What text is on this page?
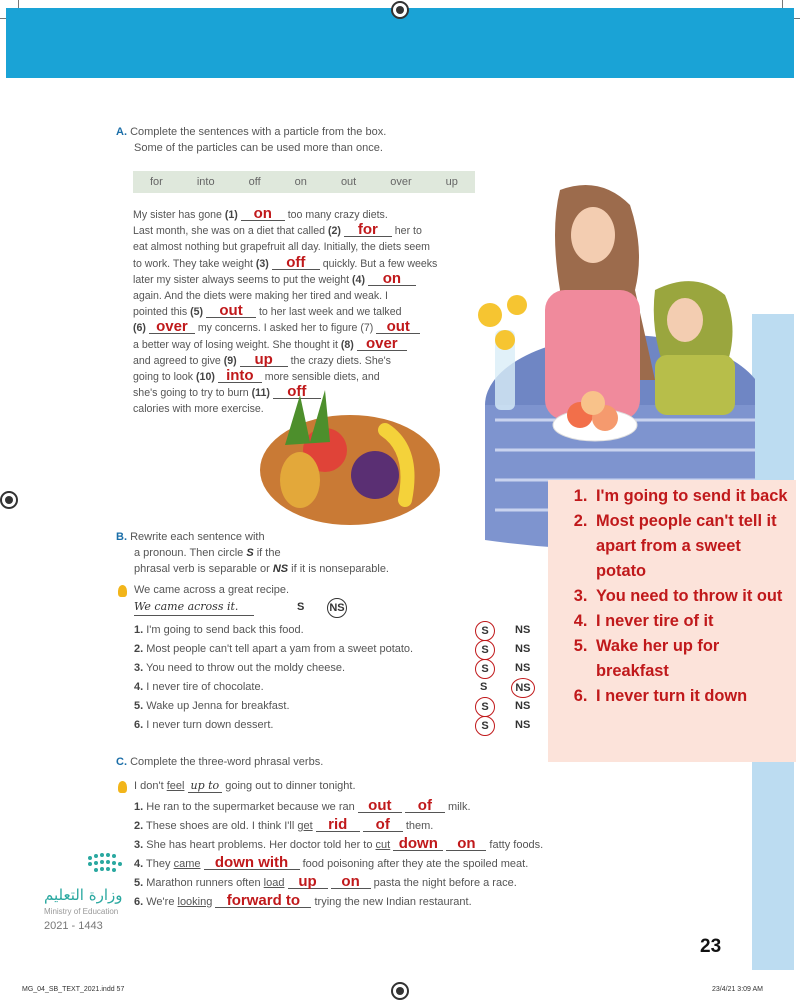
A. Complete the sentences with a particle from the box.
Some of the particles can be used more than once.
for	into	off	on	out	over	up
My sister has gone (1) on too many crazy diets.
Last month, she was on a diet that called (2) for her to
eat almost nothing but grapefruit all day. Initially, the diets seem
to work. They take weight (3) off quickly. But a few weeks
later my sister always seems to put the weight (4) on
again. And the diets were making her tired and weak. I
pointed this (5) out to her last week and we talked
(6) over my concerns. I asked her to figure (7) out
a better way of losing weight. She thought it (8) over
and agreed to give (9) up the crazy diets. She's
going to look (10) into more sensible diets, and
she's going to try to burn (11) off
calories with more exercise.
1. I'm going to send it back
2. Most people can't tell it apart from a sweet potato
3. You need to throw it out
4. I never tire of it
5. Wake her up for breakfast
6. I never turn it down
B. Rewrite each sentence with
a pronoun. Then circle S if the
phrasal verb is separable or NS if it is nonseparable.
We came across a great recipe.
We came across it.	S NS
1. I'm going to send back this food.	S	NS
2. Most people can't tell apart a yam from a sweet potato.	S	NS
3. You need to throw out the moldy cheese.	S	NS
4. I never tire of chocolate.	S	NS
5. Wake up Jenna for breakfast.	S	NS
6. I never turn down dessert.	S	NS
C. Complete the three-word phrasal verbs.
I don't feel up to going out to dinner tonight.
1. He ran to the supermarket because we ran out of milk.
2. These shoes are old. I think I'll get rid of them.
3. She has heart problems. Her doctor told her to cut down on fatty foods.
4. They came down with food poisoning after they ate the spoiled meat.
5. Marathon runners often load up on pasta the night before a race.
6. We're looking forward to trying the new Indian restaurant.
وزارة التعليم
Ministry of Education
2021 - 1443
23
MG_04_SB_TEXT_2021.indd 57	23/4/21 3:09 AM
